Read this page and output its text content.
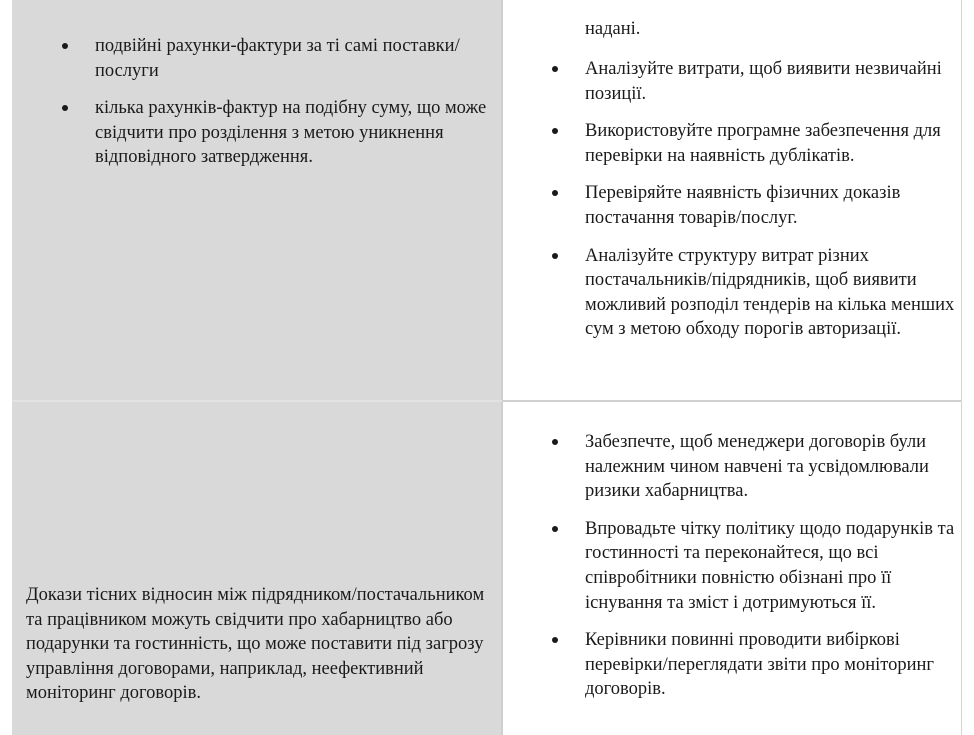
подвійні рахунки-фактури за ті самі поставки/послуги
кілька рахунків-фактур на подібну суму, що може свідчити про розділення з метою уникнення відповідного затвердження.
надані.
Аналізуйте витрати, щоб виявити незвичайні позиції.
Використовуйте програмне забезпечення для перевірки на наявність дублікатів.
Перевіряйте наявність фізичних доказів постачання товарів/послуг.
Аналізуйте структуру витрат різних постачальників/підрядників, щоб виявити можливий розподіл тендерів на кілька менших сум з метою обходу порогів авторизації.
Докази тісних відносин між підрядником/постачальником та працівником можуть свідчити про хабарництво або подарунки та гостинність, що може поставити під загрозу управління договорами, наприклад, неефективний моніторинг договорів.
Забезпечте, щоб менеджери договорів були належним чином навчені та усвідомлювали ризики хабарництва.
Впровадьте чітку політику щодо подарунків та гостинності та переконайтеся, що всі співробітники повністю обізнані про її існування та зміст і дотримуються її.
Керівники повинні проводити вибіркові перевірки/переглядати звіти про моніторинг договорів.
